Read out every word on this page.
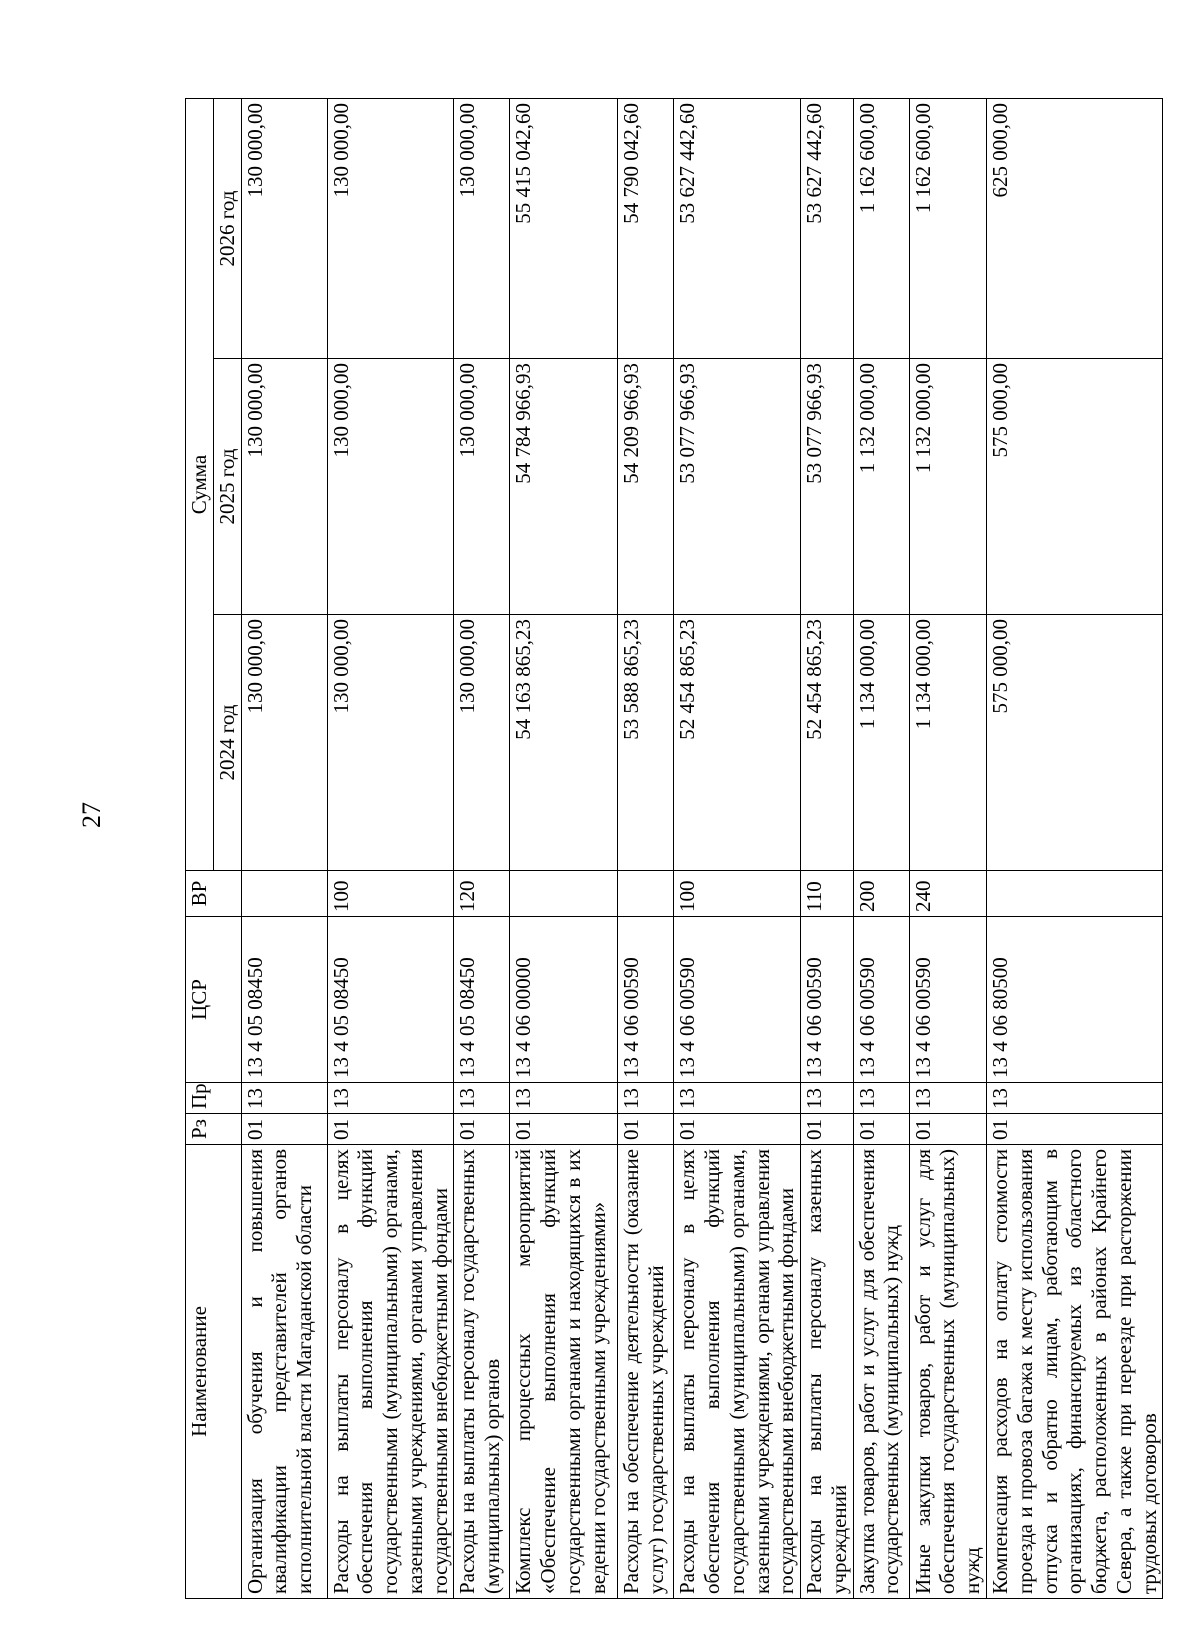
27
Наименование	Рз	Пр	ЦСР	ВР	Сумма		
					2024 год	2025 год	2026 год
Организация обучения и повышения квалификации представителей органов исполнительной власти Магаданской области	01	13	13 4 05 08450		130 000,00	130 000,00	130 000,00
Расходы на выплаты персоналу в целях обеспечения выполнения функций государственными (муниципальными) органами, казенными учреждениями, органами управления государственными внебюджетными фондами	01	13	13 4 05 08450	100	130 000,00	130 000,00	130 000,00
Расходы на выплаты персоналу государственных (муниципальных) органов	01	13	13 4 05 08450	120	130 000,00	130 000,00	130 000,00
Комплекс процессных мероприятий «Обеспечение выполнения функций государственными органами и находящихся в их ведении государственными учреждениями»	01	13	13 4 06 00000		54 163 865,23	54 784 966,93	55 415 042,60
Расходы на обеспечение деятельности (оказание услуг) государственных учреждений	01	13	13 4 06 00590		53 588 865,23	54 209 966,93	54 790 042,60
Расходы на выплаты персоналу в целях обеспечения выполнения функций государственными (муниципальными) органами, казенными учреждениями, органами управления государственными внебюджетными фондами	01	13	13 4 06 00590	100	52 454 865,23	53 077 966,93	53 627 442,60
Расходы на выплаты персоналу казенных учреждений	01	13	13 4 06 00590	110	52 454 865,23	53 077 966,93	53 627 442,60
Закупка товаров, работ и услуг для обеспечения государственных (муниципальных) нужд	01	13	13 4 06 00590	200	1 134 000,00	1 132 000,00	1 162 600,00
Иные закупки товаров, работ и услуг для обеспечения государственных (муниципальных) нужд	01	13	13 4 06 00590	240	1 134 000,00	1 132 000,00	1 162 600,00
Компенсация расходов на оплату стоимости проезда и провоза багажа к месту использования отпуска и обратно лицам, работающим в организациях, финансируемых из областного бюджета, расположенных в районах Крайнего Севера, а также при переезде при расторжении трудовых договоров	01	13	13 4 06 80500		575 000,00	575 000,00	625 000,00
